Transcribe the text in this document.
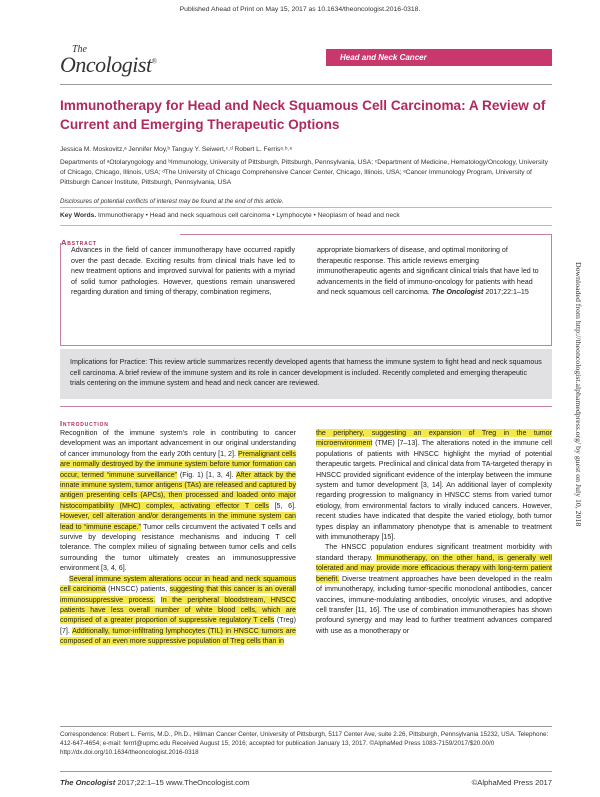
Published Ahead of Print on May 15, 2017 as 10.1634/theoncologist.2016-0318.
The
Oncologist®	Head and Neck Cancer
Immunotherapy for Head and Neck Squamous Cell Carcinoma: A Review of Current and Emerging Therapeutic Options
Jessica M. Moskovitz,ᵃ Jennifer Moy,ᵇ Tanguy Y. Seiwert,ᶜ˒ᵈ Robert L. Ferrisᵃ˒ᵇ˒ᵉ
Departments of ᵃOtolaryngology and ᵇImmunology, University of Pittsburgh, Pittsburgh, Pennsylvania, USA; ᶜDepartment of Medicine, Hematology/Oncology, University of Chicago, Chicago, Illinois, USA; ᵈThe University of Chicago Comprehensive Cancer Center, Chicago, Illinois, USA; ᵉCancer Immunology Program, University of Pittsburgh Cancer Institute, Pittsburgh, Pennsylvania, USA
Disclosures of potential conflicts of interest may be found at the end of this article.
Key Words. Immunotherapy • Head and neck squamous cell carcinoma • Lymphocyte • Neoplasm of head and neck
Abstract
Advances in the field of cancer immunotherapy have occurred rapidly over the past decade. Exciting results from clinical trials have led to new treatment options and improved survival for patients with a myriad of solid tumor pathologies. However, questions remain unanswered regarding duration and timing of therapy, combination regimens,
appropriate biomarkers of disease, and optimal monitoring of therapeutic response. This article reviews emerging immunotherapeutic agents and significant clinical trials that have led to advancements in the field of immuno-oncology for patients with head and neck squamous cell carcinoma. The Oncologist 2017;22:1–15
Implications for Practice: This review article summarizes recently developed agents that harness the immune system to fight head and neck squamous cell carcinoma. A brief review of the immune system and its role in cancer development is included. Recently completed and emerging therapeutic trials centering on the immune system and head and neck cancer are reviewed.
Introduction

Recognition of the immune system’s role in contributing to cancer development was an important advancement in our original understanding of cancer immunology from the early 20th century [1, 2]. Premalignant cells are normally destroyed by the immune system before tumor formation can occur, termed “immune surveillance” (Fig. 1) [1, 3, 4]. After attack by the innate immune system, tumor antigens (TAs) are released and captured by antigen presenting cells (APCs), then processed and loaded onto major histocompatibility (MHC) complex, activating effector T cells [5, 6]. However, cell alteration and/or derangements in the immune system can lead to “immune escape.” Tumor cells circumvent the activated T cells and survive by developing resistance mechanisms and inducing T cell tolerance. The complex milieu of signaling between tumor cells and cells surrounding the tumor ultimately creates an immunosuppressive environment [3, 4, 6].

Several immune system alterations occur in head and neck squamous cell carcinoma (HNSCC) patients, suggesting that this cancer is an overall immunosuppressive process. In the peripheral bloodstream, HNSCC patients have less overall number of white blood cells, which are comprised of a greater proportion of suppressive regulatory T cells (Treg) [7]. Additionally, tumor-infiltrating lymphocytes (TIL) in HNSCC tumors are composed of an even more suppressive population of Treg cells than in

the periphery, suggesting an expansion of Treg in the tumor microenvironment (TME) [7–13]. The alterations noted in the immune cell populations of patients with HNSCC highlight the myriad of potential therapeutic targets. Preclinical and clinical data from TA-targeted therapy in HNSCC provided significant evidence of the interplay between the immune system and tumor development [3, 14]. An additional layer of complexity regarding progression to malignancy in HNSCC stems from varied tumor etiology, from environmental factors to virally induced cancers. However, recent studies have indicated that despite the varied etiology, both tumor types display an inflammatory phenotype that is amenable to treatment with immunotherapy [15].

The HNSCC population endures significant treatment morbidity with standard therapy. Immunotherapy, on the other hand, is generally well tolerated and may provide more efficacious therapy with long-term patient benefit. Diverse treatment approaches have been developed in the realm of immunotherapy, including tumor-specific monoclonal antibodies, cancer vaccines, immune-modulating antibodies, oncolytic viruses, and adoptive cell transfer [11, 16]. The use of combination immunotherapies has shown profound synergy and may lead to further treatment advances compared with use as a monotherapy or

Correspondence: Robert L. Ferris, M.D., Ph.D., Hillman Cancer Center, University of Pittsburgh, 5117 Center Ave, suite 2.26, Pittsburgh, Pennsylvania 15232, USA. Telephone: 412-647-4654; e-mail: ferrrl@upmc.edu Received August 15, 2016; accepted for publication January 13, 2017. ©AlphaMed Press 1083-7159/2017/$20.00/0 http://dx.doi.org/10.1634/theoncologist.2016-0318
The Oncologist 2017;22:1–15 www.TheOncologist.com	©AlphaMed Press 2017
Downloaded from http://theoncologist.alphamedpress.org/ by guest on July 10, 2018
